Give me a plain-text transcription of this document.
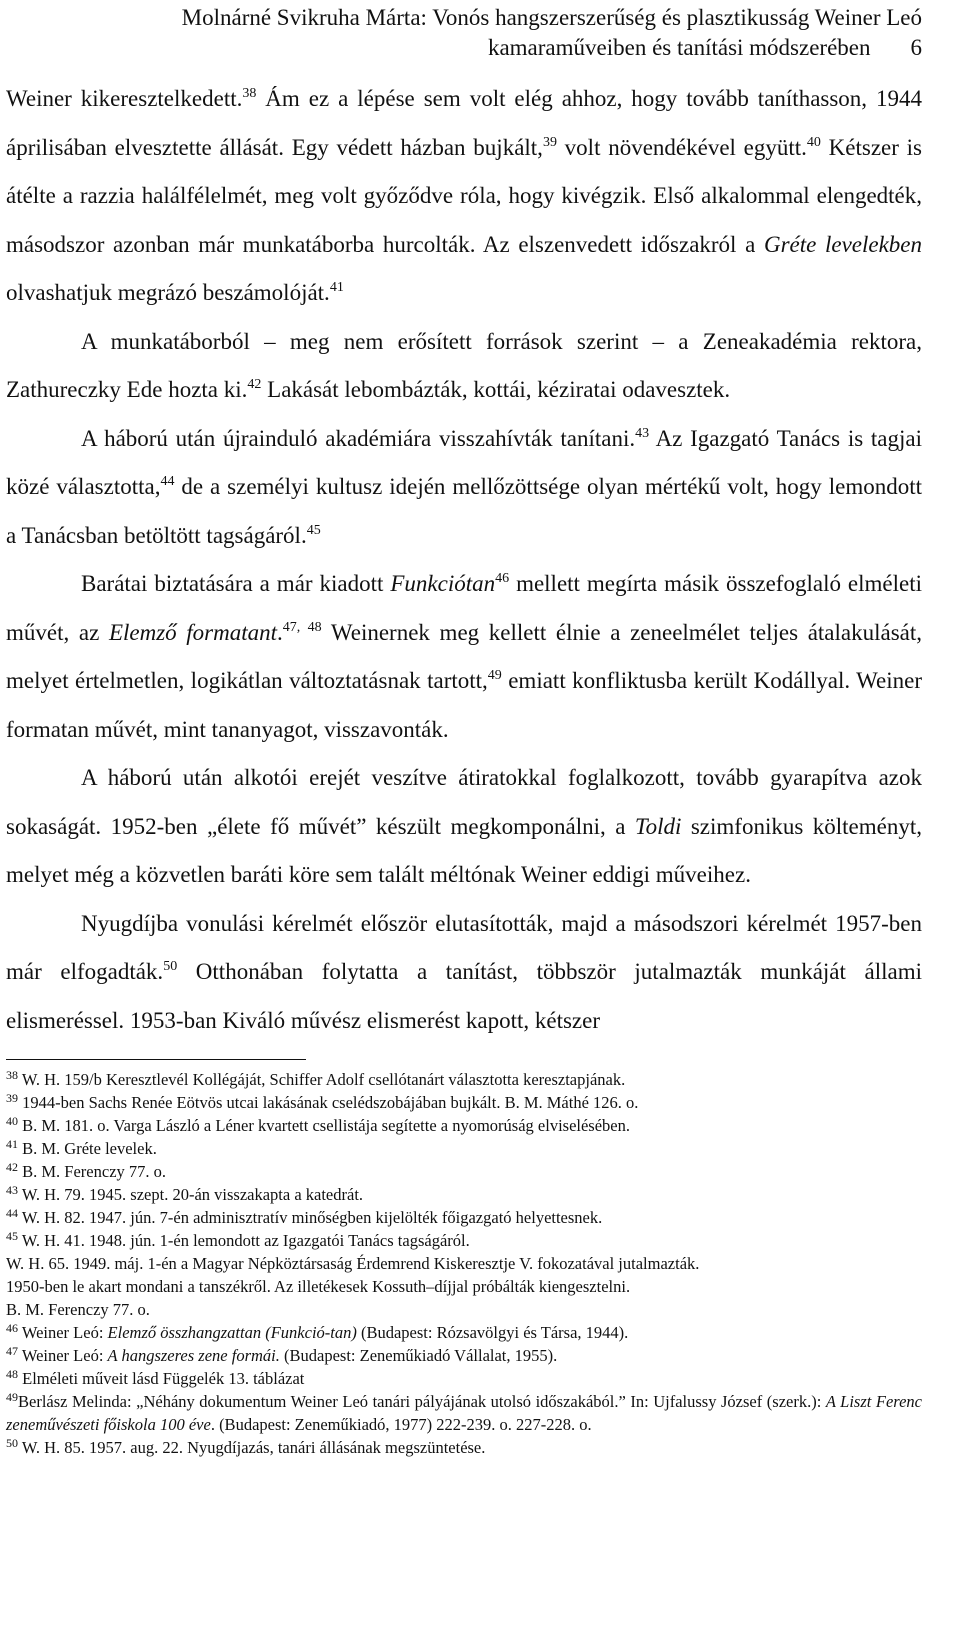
Molnárné Svikruha Márta: Vonós hangszerszerűség és plasztikusság Weiner Leó
kamaraműveiben és tanítási módszerében 6

Weiner kikeresztelkedett.$^{38}$ Ám ez a lépése sem volt elég ahhoz, hogy tovább taníthasson, 1944 áprilisában elvesztette állását. Egy védett házban bujkált,$^{39}$ volt növendékével együtt.$^{40}$ Kétszer is átélte a razzia halálfélelmét, meg volt győződve róla, hogy kivégzik. Első alkalommal elengedték, másodszor azonban már munkatáborba hurcolták. Az elszenvedett időszakról a Gréte levelekben olvashatjuk megrázó beszámolóját.$^{41}$

A munkatáborból – meg nem erősített források szerint – a Zeneakadémia rektora, Zathureczky Ede hozta ki.$^{42}$ Lakását lebombázták, kottái, kéziratai odavesztek.

A háború után újrainduló akadémiára visszahívták tanítani.$^{43}$ Az Igazgató Tanács is tagjai közé választotta,$^{44}$ de a személyi kultusz idején mellőzöttsége olyan mértékű volt, hogy lemondott a Tanácsban betöltött tagságáról.$^{45}$

Barátai biztatására a már kiadott Funkciótan$^{46}$ mellett megírta másik összefoglaló elméleti művét, az Elemző formatant.$^{47, 48}$ Weinernek meg kellett élnie a zeneelmélet teljes átalakulását, melyet értelmetlen, logikátlan változtatásnak tartott,$^{49}$ emiatt konfliktusba került Kodállyal. Weiner formatan művét, mint tananyagot, visszavonták.

A háború után alkotói erejét veszítve átiratokkal foglalkozott, tovább gyarapítva azok sokaságát. 1952-ben „élete fő művét” készült megkomponálni, a Toldi szimfonikus költeményt, melyet még a közvetlen baráti köre sem talált méltónak Weiner eddigi műveihez.

Nyugdíjba vonulási kérelmét először elutasították, majd a másodszori kérelmét 1957-ben már elfogadták.$^{50}$ Otthonában folytatta a tanítást, többször jutalmazták munkáját állami elismeréssel. 1953-ban Kiváló művész elismerést kapott, kétszer

$^{38}$ W. H. 159/b Keresztlevél Kollégáját, Schiffer Adolf csellótanárt választotta keresztapjának.
$^{39}$ 1944-ben Sachs Renée Eötvös utcai lakásának cselédszobájában bujkált. B. M. Máthé 126. o.
$^{40}$ B. M. 181. o. Varga László a Léner kvartett csellistája segítette a nyomorúság elviselésében.
$^{41}$ B. M. Gréte levelek.
$^{42}$ B. M. Ferenczy 77. o.
$^{43}$ W. H. 79. 1945. szept. 20-án visszakapta a katedrát.
$^{44}$ W. H. 82. 1947. jún. 7-én adminisztratív minőségben kijelölték főigazgató helyettesnek.
$^{45}$ W. H. 41. 1948. jún. 1-én lemondott az Igazgatói Tanács tagságáról.
W. H. 65. 1949. máj. 1-én a Magyar Népköztársaság Érdemrend Kiskeresztje V. fokozatával jutalmazták.
1950-ben le akart mondani a tanszékről. Az illetékesek Kossuth–díjjal próbálták kiengesztelni.
B. M. Ferenczy 77. o.
$^{46}$ Weiner Leó: Elemző összhangzattan (Funkció-tan) (Budapest: Rózsavölgyi és Társa, 1944).
$^{47}$ Weiner Leó: A hangszeres zene formái. (Budapest: Zeneműkiadó Vállalat, 1955).
$^{48}$ Elméleti műveit lásd Függelék 13. táblázat
$^{49}$Berlász Melinda: „Néhány dokumentum Weiner Leó tanári pályájának utolsó időszakából.” In: Ujfalussy József (szerk.): A Liszt Ferenc zeneművészeti főiskola 100 éve. (Budapest: Zeneműkiadó, 1977) 222-239. o. 227-228. o.
$^{50}$ W. H. 85. 1957. aug. 22. Nyugdíjazás, tanári állásának megszüntetése.
